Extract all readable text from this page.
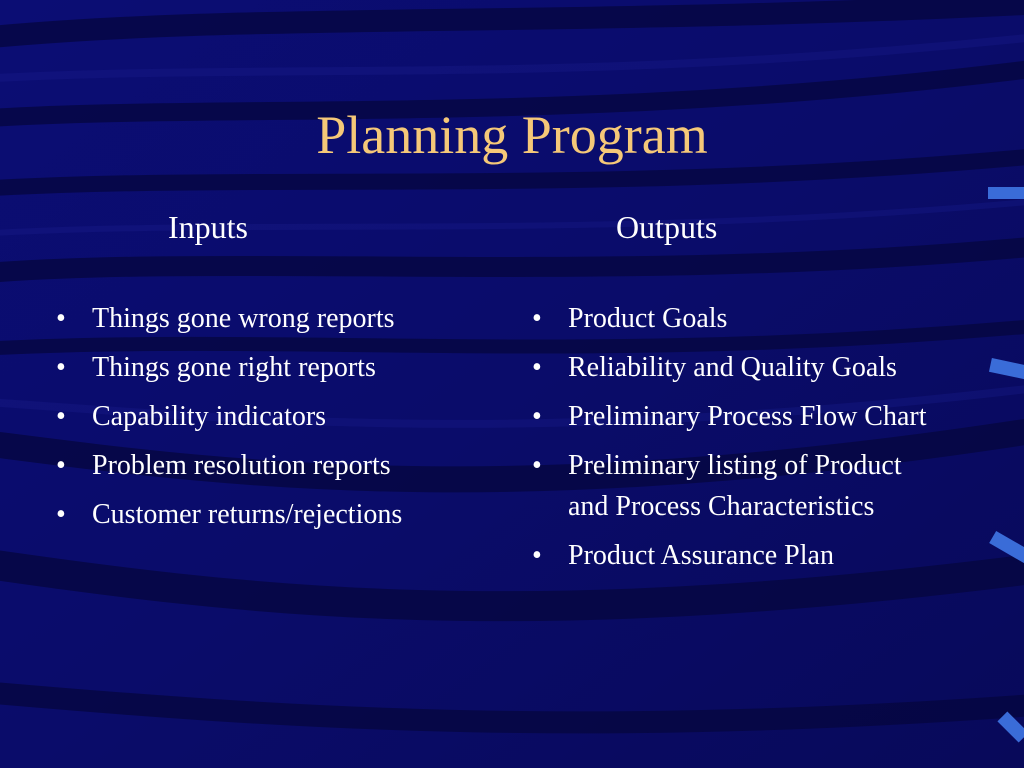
Planning Program
Inputs	Outputs
• Things gone wrong reports
• Things gone right reports
• Capability indicators
• Problem resolution reports
• Customer returns/rejections
• Product Goals
• Reliability and Quality Goals
• Preliminary Process Flow Chart
• Preliminary listing of Product and Process Characteristics
• Product Assurance Plan
